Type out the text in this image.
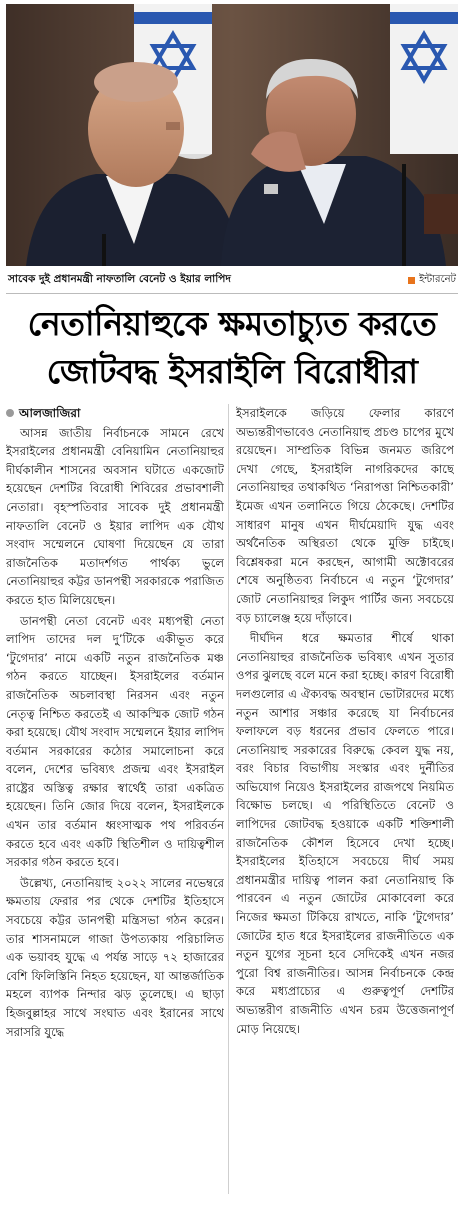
সাবেক দুই প্রধানমন্ত্রী নাফতালি বেনেট ও ইয়ার লাপিদ	ইন্টারনেট
নেতানিয়াহুকে ক্ষমতাচ্যুত করতে
জোটবদ্ধ ইসরাইলি বিরোধীরা
আলজাজিরা

আসন্ন জাতীয় নির্বাচনকে সামনে রেখে ইসরাইলের প্রধানমন্ত্রী বেনিয়ামিন নেতানিয়াহুর দীর্ঘকালীন শাসনের অবসান ঘটাতে একজোট হয়েছেন দেশটির বিরোধী শিবিরের প্রভাবশালী নেতারা। বৃহস্পতিবার সাবেক দুই প্রধানমন্ত্রী নাফতালি বেনেট ও ইয়ার লাপিদ এক যৌথ সংবাদ সম্মেলনে ঘোষণা দিয়েছেন যে তারা রাজনৈতিক মতাদর্শগত পার্থক্য ভুলে নেতানিয়াহুর কট্টর ডানপন্থী সরকারকে পরাজিত করতে হাত মিলিয়েছেন।

ডানপন্থী নেতা বেনেট এবং মধ্যপন্থী নেতা লাপিদ তাদের দল দু’টিকে একীভূত করে ‘টুগেদার’ নামে একটি নতুন রাজনৈতিক মঞ্চ গঠন করতে যাচ্ছেন। ইসরাইলের বর্তমান রাজনৈতিক অচলাবস্থা নিরসন এবং নতুন নেতৃত্ব নিশ্চিত করতেই এ আকস্মিক জোট গঠন করা হয়েছে। যৌথ সংবাদ সম্মেলনে ইয়ার লাপিদ বর্তমান সরকারের কঠোর সমালোচনা করে বলেন, দেশের ভবিষ্যৎ প্রজন্ম এবং ইসরাইল রাষ্ট্রের অস্তিত্ব রক্ষার স্বার্থেই তারা একত্রিত হয়েছেন। তিনি জোর দিয়ে বলেন, ইসরাইলকে এখন তার বর্তমান ধ্বংসাত্মক পথ পরিবর্তন করতে হবে এবং একটি স্থিতিশীল ও দায়িত্বশীল সরকার গঠন করতে হবে।

উল্লেখ্য, নেতানিয়াহু ২০২২ সালের নভেম্বরে ক্ষমতায় ফেরার পর থেকে দেশটির ইতিহাসে সবচেয়ে কট্টর ডানপন্থী মন্ত্রিসভা গঠন করেন। তার শাসনামলে গাজা উপত্যকায় পরিচালিত এক ভয়াবহ যুদ্ধে এ পর্যন্ত সাড়ে ৭২ হাজারের বেশি ফিলিস্তিনি নিহত হয়েছেন, যা আন্তর্জাতিক মহলে ব্যাপক নিন্দার ঝড় তুলেছে। এ ছাড়া হিজবুল্লাহর সাথে সংঘাত এবং ইরানের সাথে সরাসরি যুদ্ধে

ইসরাইলকে জড়িয়ে ফেলার কারণে অভ্যন্তরীণভাবেও নেতানিয়াহু প্রচণ্ড চাপের মুখে রয়েছেন। সাম্প্রতিক বিভিন্ন জনমত জরিপে দেখা গেছে, ইসরাইলি নাগরিকদের কাছে নেতানিয়াহুর তথাকথিত ‘নিরাপত্তা নিশ্চিতকারী’ ইমেজ এখন তলানিতে গিয়ে ঠেকেছে। দেশটির সাধারণ মানুষ এখন দীর্ঘমেয়াদি যুদ্ধ এবং অর্থনৈতিক অস্থিরতা থেকে মুক্তি চাইছে। বিশ্লেষকরা মনে করছেন, আগামী অক্টোবরের শেষে অনুষ্ঠিতব্য নির্বাচনে এ নতুন ‘টুগেদার’ জোট নেতানিয়াহুর লিকুদ পার্টির জন্য সবচেয়ে বড় চ্যালেঞ্জ হয়ে দাঁড়াবে।

দীর্ঘদিন ধরে ক্ষমতার শীর্ষে থাকা নেতানিয়াহুর রাজনৈতিক ভবিষ্যৎ এখন সুতার ওপর ঝুলছে বলে মনে করা হচ্ছে। কারণ বিরোধী দলগুলোর এ ঐক্যবদ্ধ অবস্থান ভোটারদের মধ্যে নতুন আশার সঞ্চার করেছে যা নির্বাচনের ফলাফলে বড় ধরনের প্রভাব ফেলতে পারে। নেতানিয়াহু সরকারের বিরুদ্ধে কেবল যুদ্ধ নয়, বরং বিচার বিভাগীয় সংস্কার এবং দুর্নীতির অভিযোগ নিয়েও ইসরাইলের রাজপথে নিয়মিত বিক্ষোভ চলছে। এ পরিস্থিতিতে বেনেট ও লাপিদের জোটবদ্ধ হওয়াকে একটি শক্তিশালী রাজনৈতিক কৌশল হিসেবে দেখা হচ্ছে। ইসরাইলের ইতিহাসে সবচেয়ে দীর্ঘ সময় প্রধানমন্ত্রীর দায়িত্ব পালন করা নেতানিয়াহু কি পারবেন এ নতুন জোটের মোকাবেলা করে নিজের ক্ষমতা টিকিয়ে রাখতে, নাকি ‘টুগেদার’ জোটের হাত ধরে ইসরাইলের রাজনীতিতে এক নতুন যুগের সূচনা হবে সেদিকেই এখন নজর পুরো বিশ্ব রাজনীতির। আসন্ন নির্বাচনকে কেন্দ্র করে মধ্যপ্রাচ্যের এ গুরুত্বপূর্ণ দেশটির অভ্যন্তরীণ রাজনীতি এখন চরম উত্তেজনাপূর্ণ মোড় নিয়েছে।
